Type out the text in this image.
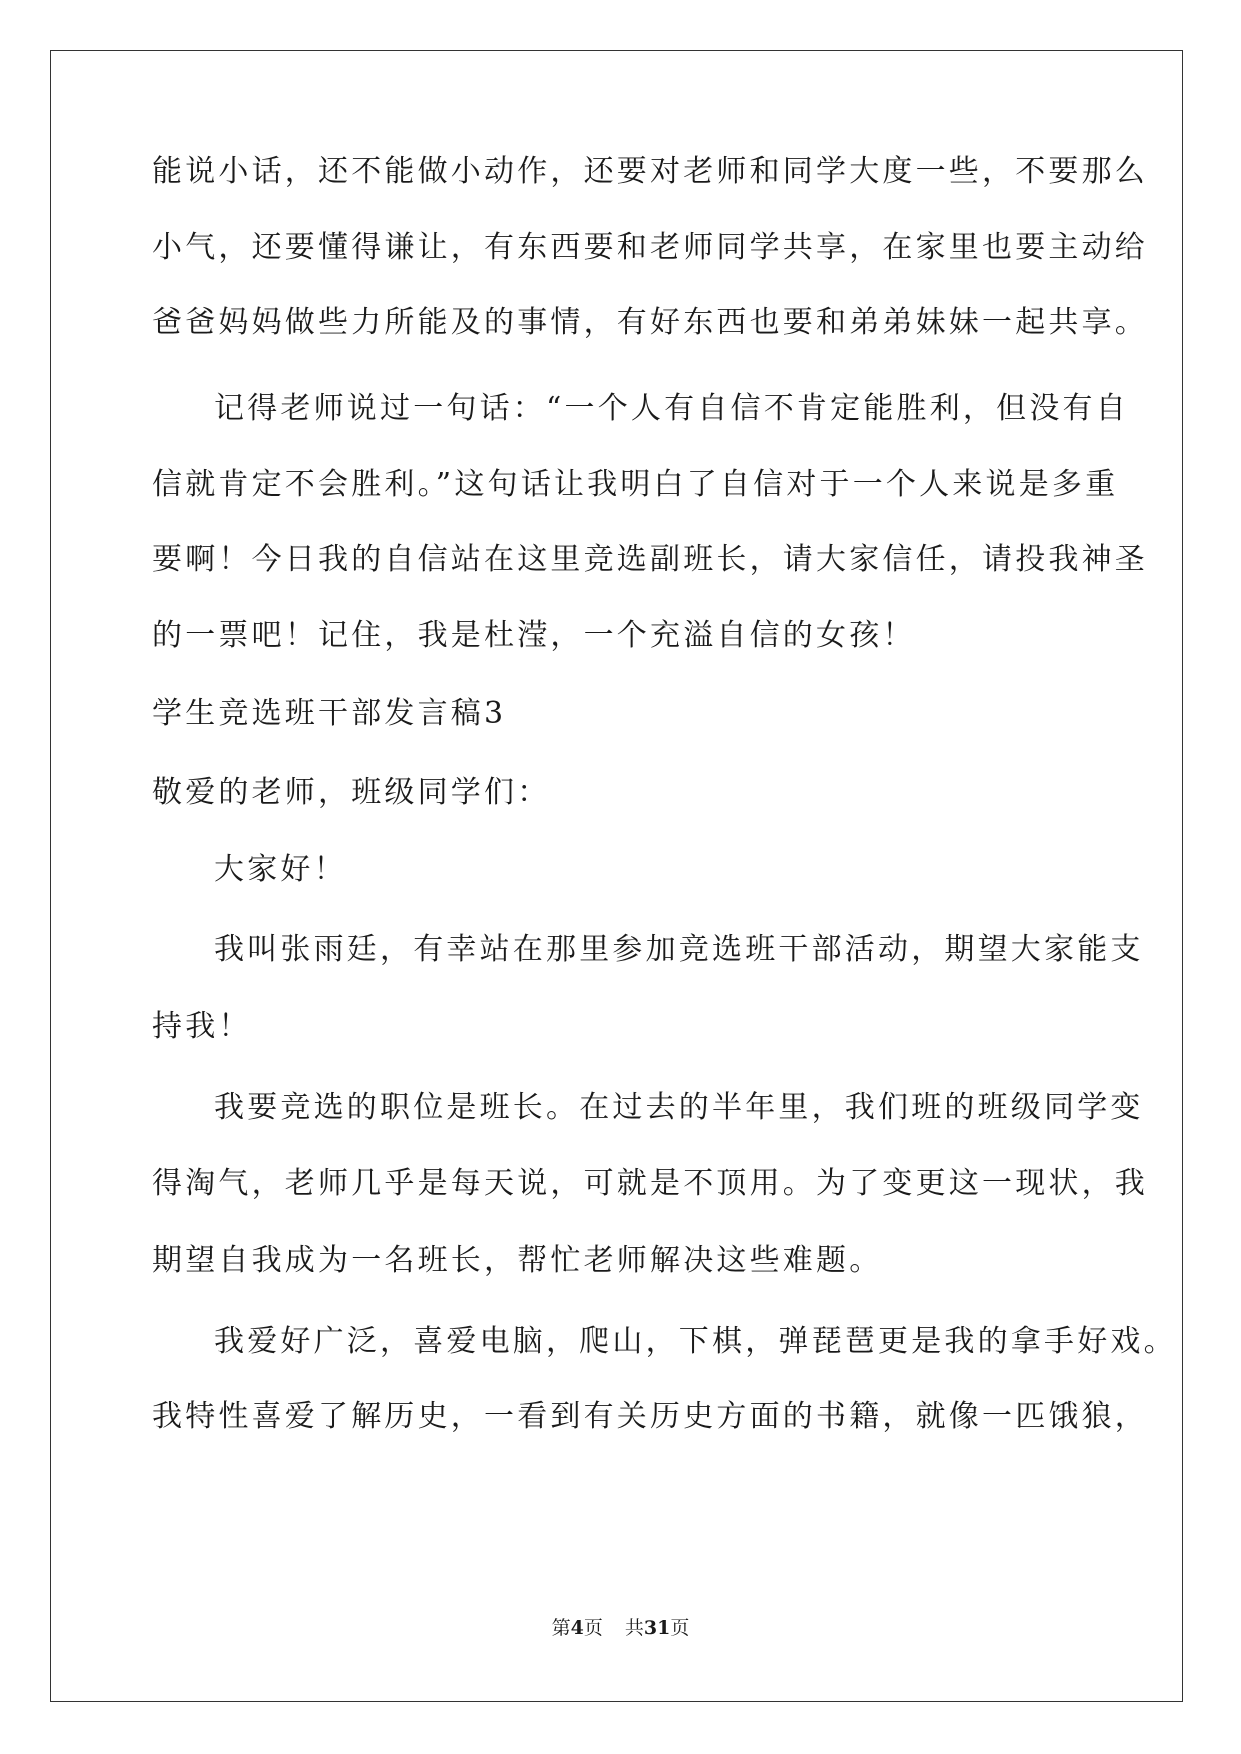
能说小话，还不能做小动作，还要对老师和同学大度一些，不要那么
小气，还要懂得谦让，有东西要和老师同学共享，在家里也要主动给
爸爸妈妈做些力所能及的事情，有好东西也要和弟弟妹妹一起共享。
记得老师说过一句话：“一个人有自信不肯定能胜利，但没有自
信就肯定不会胜利。”这句话让我明白了自信对于一个人来说是多重
要啊！今日我的自信站在这里竞选副班长，请大家信任，请投我神圣
的一票吧！记住，我是杜滢，一个充溢自信的女孩！
学生竞选班干部发言稿3
敬爱的老师，班级同学们：
大家好！
我叫张雨廷，有幸站在那里参加竞选班干部活动，期望大家能支
持我！
我要竞选的职位是班长。在过去的半年里，我们班的班级同学变
得淘气，老师几乎是每天说，可就是不顶用。为了变更这一现状，我
期望自我成为一名班长，帮忙老师解决这些难题。
我爱好广泛，喜爱电脑，爬山，下棋，弹琵琶更是我的拿手好戏。
我特性喜爱了解历史，一看到有关历史方面的书籍，就像一匹饿狼，
第4页 共31页
